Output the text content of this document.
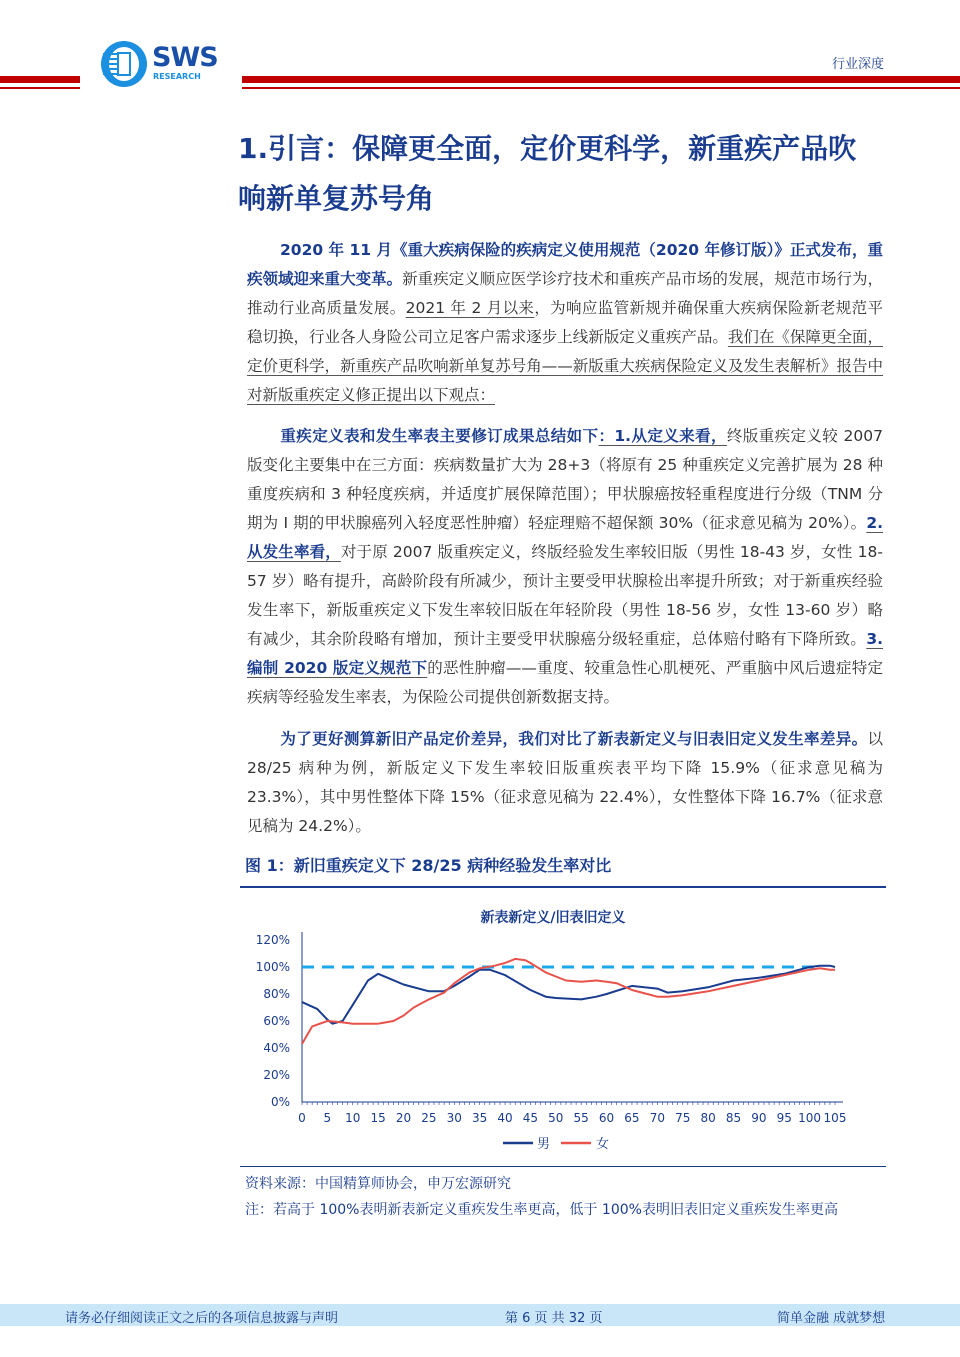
SWS
RESEARCH
行业深度
1.引言：保障更全面，定价更科学，新重疾产品吹
响新单复苏号角
2020 年 11 月《重大疾病保险的疾病定义使用规范（2020 年修订版）》正式发布，重疾领域迎来重大变革。新重疾定义顺应医学诊疗技术和重疾产品市场的发展，规范市场行为，推动行业高质量发展。2021 年 2 月以来，为响应监管新规并确保重大疾病保险新老规范平稳切换，行业各人身险公司立足客户需求逐步上线新版定义重疾产品。我们在《保障更全面，定价更科学，新重疾产品吹响新单复苏号角——新版重大疾病保险定义及发生表解析》报告中对新版重疾定义修正提出以下观点：
重疾定义表和发生率表主要修订成果总结如下：1.从定义来看，终版重疾定义较 2007 版变化主要集中在三方面：疾病数量扩大为 28+3（将原有 25 种重疾定义完善扩展为 28 种重度疾病和 3 种轻度疾病，并适度扩展保障范围）；甲状腺癌按轻重程度进行分级（TNM 分期为 I 期的甲状腺癌列入轻度恶性肿瘤）轻症理赔不超保额 30%（征求意见稿为 20%）。2.从发生率看，对于原 2007 版重疾定义，终版经验发生率较旧版（男性 18-43 岁，女性 18-57 岁）略有提升，高龄阶段有所减少，预计主要受甲状腺检出率提升所致；对于新重疾经验发生率下，新版重疾定义下发生率较旧版在年轻阶段（男性 18-56 岁，女性 13-60 岁）略有减少，其余阶段略有增加，预计主要受甲状腺癌分级轻重症，总体赔付略有下降所致。3.编制 2020 版定义规范下的恶性肿瘤——重度、较重急性心肌梗死、严重脑中风后遗症特定疾病等经验发生率表，为保险公司提供创新数据支持。
为了更好测算新旧产品定价差异，我们对比了新表新定义与旧表旧定义发生率差异。以 28/25 病种为例，新版定义下发生率较旧版重疾表平均下降 15.9%（征求意见稿为 23.3%），其中男性整体下降 15%（征求意见稿为 22.4%），女性整体下降 16.7%（征求意见稿为 24.2%）。
图 1：新旧重疾定义下 28/25 病种经验发生率对比
新表新定义/旧表旧定义
0%
20%
40%
60%
80%
100%
120%
0 5 10 15 20 25 30 35 40 45 50 55 60 65 70 75 80 85 90 95 100 105
男	女
资料来源：中国精算师协会，申万宏源研究
注：若高于 100%表明新表新定义重疾发生率更高，低于 100%表明旧表旧定义重疾发生率更高
请务必仔细阅读正文之后的各项信息披露与声明	第 6 页 共 32 页	简单金融 成就梦想
